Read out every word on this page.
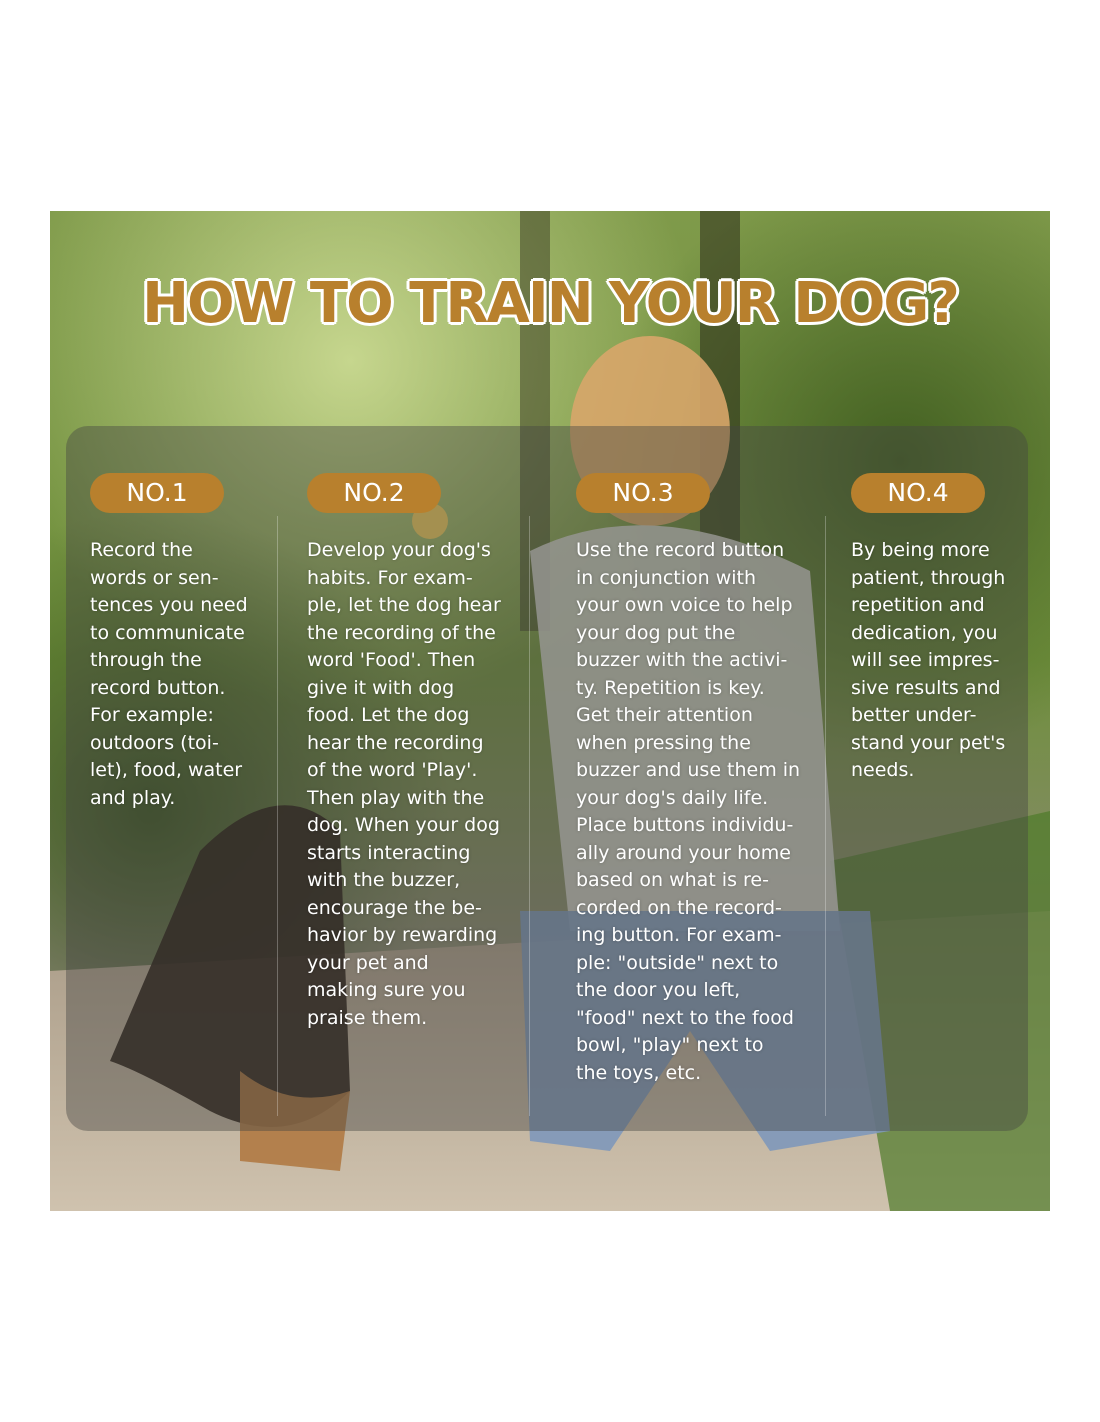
HOW TO TRAIN YOUR DOG?
NO.1	NO.2	NO.3	NO.4
Record the
words or sen-
tences you need
to communicate
through the
record button.
For example:
outdoors (toi-
let), food, water
and play.
Develop your dog's
habits. For exam-
ple, let the dog hear
the recording of the
word 'Food'. Then
give it with dog
food. Let the dog
hear the recording
of the word 'Play'.
Then play with the
dog. When your dog
starts interacting
with the buzzer,
encourage the be-
havior by rewarding
your pet and
making sure you
praise them.
Use the record button
in conjunction with
your own voice to help
your dog put the
buzzer with the activi-
ty. Repetition is key.
Get their attention
when pressing the
buzzer and use them in
your dog's daily life.
Place buttons individu-
ally around your home
based on what is re-
corded on the record-
ing button. For exam-
ple: "outside" next to
the door you left,
"food" next to the food
bowl, "play" next to
the toys, etc.
By being more
patient, through
repetition and
dedication, you
will see impres-
sive results and
better under-
stand your pet's
needs.
